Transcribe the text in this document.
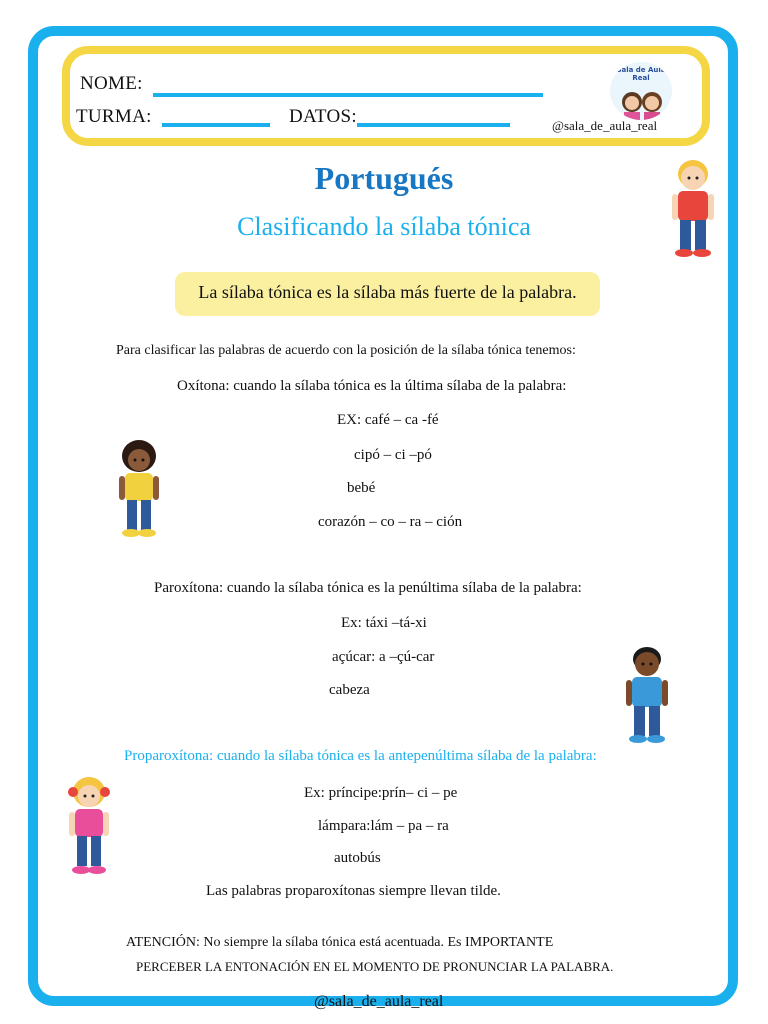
NOME:
TURMA:	DATOS:
Sala de Aula Real
@sala_de_aula_real
Portugués
Clasificando la sílaba tónica
La sílaba tónica es la sílaba más fuerte de la palabra.
Para clasificar las palabras de acuerdo con la posición de la sílaba tónica tenemos:
Oxítona: cuando la sílaba tónica es la última sílaba de la palabra:
EX: café – ca -fé
cipó – ci –pó
bebé
corazón – co – ra – ción
Paroxítona: cuando la sílaba tónica es la penúltima sílaba de la palabra:
Ex: táxi –tá-xi
açúcar: a –çú-car
cabeza
Proparoxítona: cuando la sílaba tónica es la antepenúltima sílaba de la palabra:
Ex: príncipe:prín– ci – pe
lámpara:lám – pa – ra
autobús
Las palabras proparoxítonas siempre llevan tilde.
ATENCIÓN: No siempre la sílaba tónica está acentuada. Es IMPORTANTE
PERCEBER LA ENTONACIÓN EN EL MOMENTO DE PRONUNCIAR LA PALABRA.
@sala_de_aula_real
